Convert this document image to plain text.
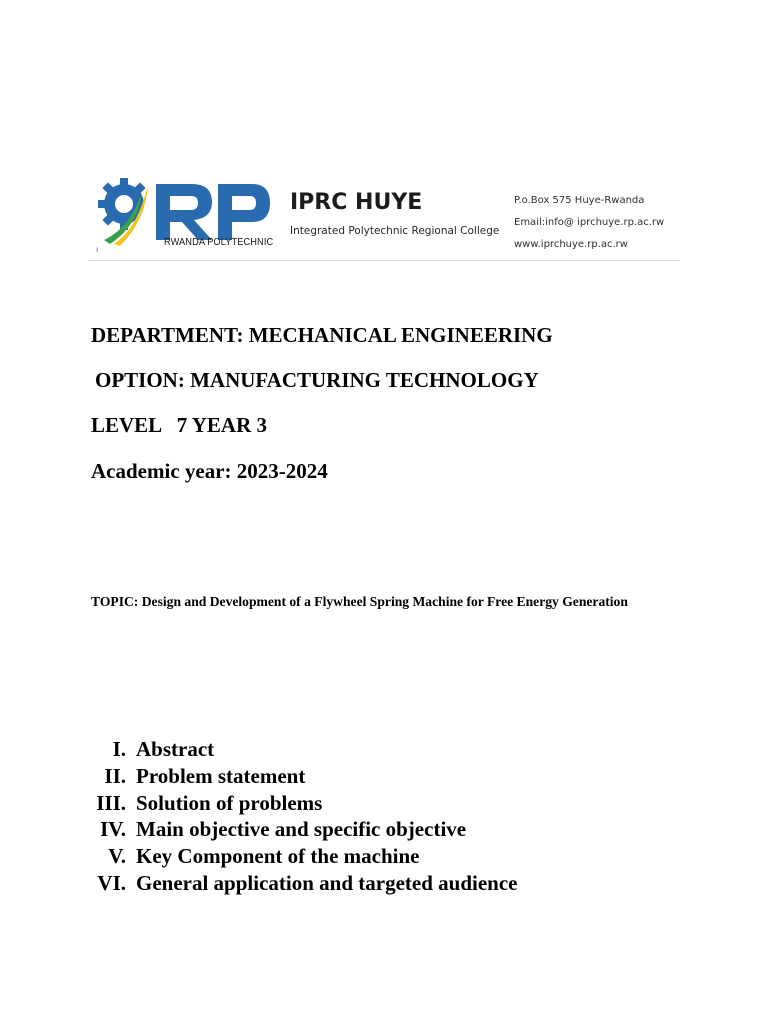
RWANDA POLYTECHNIC
ı
IPRC HUYE
Integrated Polytechnic Regional College
P.o.Box 575 Huye-Rwanda
Email:info@ iprchuye.rp.ac.rw
www.iprchuye.rp.ac.rw
DEPARTMENT: MECHANICAL ENGINEERING
OPTION: MANUFACTURING TECHNOLOGY
LEVEL   7 YEAR 3
Academic year: 2023-2024
TOPIC: Design and Development of a Flywheel Spring Machine for Free Energy Generation
I. Abstract
II. Problem statement
III. Solution of problems
IV. Main objective and specific objective
V. Key Component of the machine
VI. General application and targeted audience
